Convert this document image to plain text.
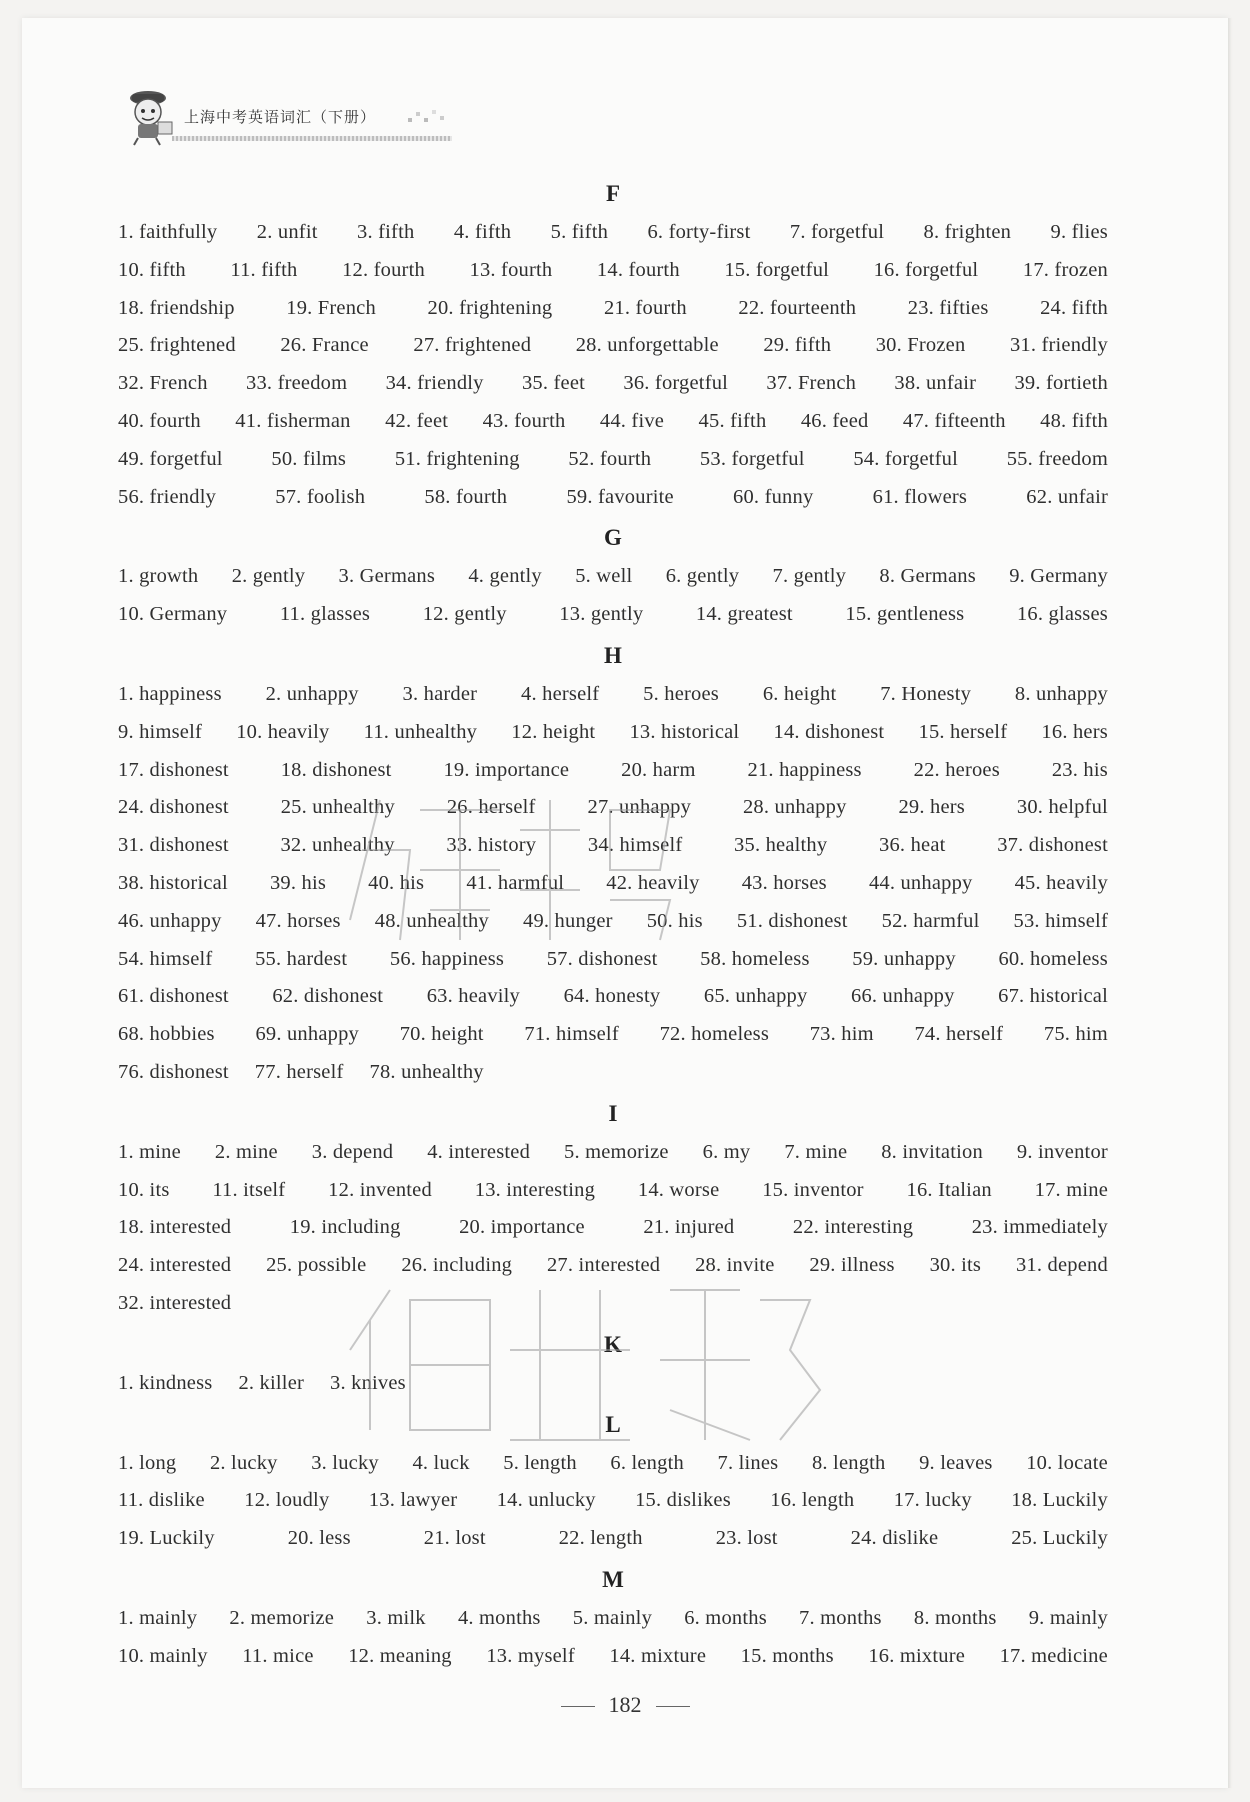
上海中考英语词汇（下册）
F
1. faithfully 2. unfit 3. fifth 4. fifth 5. fifth 6. forty-first 7. forgetful 8. frighten 9. flies
10. fifth 11. fifth 12. fourth 13. fourth 14. fourth 15. forgetful 16. forgetful 17. frozen
18. friendship	19. French	20. frightening	21. fourth	22. fourteenth	23. fifties	24. fifth
25. frightened 26. France 27. frightened 28. unforgettable 29. fifth 30. Frozen 31. friendly
32. French 33. freedom 34. friendly 35. feet 36. forgetful 37. French 38. unfair 39. fortieth
40. fourth 41. fisherman 42. feet 43. fourth 44. five 45. fifth 46. feed 47. fifteenth 48. fifth
49. forgetful 50. films 51. frightening 52. fourth 53. forgetful 54. forgetful 55. freedom
56. friendly	57. foolish	58. fourth	59. favourite	60. funny	61. flowers	62. unfair
G
1. growth 2. gently 3. Germans 4. gently 5. well 6. gently 7. gently 8. Germans 9. Germany
10. Germany	11. glasses	12. gently	13. gently	14. greatest	15. gentleness	16. glasses
H
1. happiness 2. unhappy 3. harder 4. herself 5. heroes 6. height 7. Honesty 8. unhappy
9. himself 10. heavily 11. unhealthy 12. height 13. historical 14. dishonest 15. herself 16. hers
17. dishonest	18. dishonest	19. importance	20. harm	21. happiness	22. heroes	23. his
24. dishonest	25. unhealthy	26. herself	27. unhappy	28. unhappy	29. hers	30. helpful
31. dishonest	32. unhealthy	33. history	34. himself	35. healthy	36. heat	37. dishonest
38. historical 39. his 40. his 41. harmful 42. heavily 43. horses 44. unhappy 45. heavily
46. unhappy 47. horses 48. unhealthy 49. hunger 50. his 51. dishonest 52. harmful 53. himself
54. himself 55. hardest 56. happiness 57. dishonest 58. homeless 59. unhappy 60. homeless
61. dishonest 62. dishonest 63. heavily 64. honesty 65. unhappy 66. unhappy 67. historical
68. hobbies 69. unhappy 70. height 71. himself 72. homeless 73. him 74. herself 75. him
76. dishonest 77. herself 78. unhealthy
I
1. mine 2. mine 3. depend 4. interested 5. memorize 6. my 7. mine 8. invitation 9. inventor
10. its 11. itself 12. invented 13. interesting 14. worse 15. inventor 16. Italian 17. mine
18. interested	19. including	20. importance	21. injured	22. interesting	23. immediately
24. interested 25. possible 26. including 27. interested 28. invite 29. illness 30. its 31. depend
32. interested
K
1. kindness 2. killer 3. knives
L
1. long 2. lucky 3. lucky 4. luck 5. length 6. length 7. lines 8. length 9. leaves 10. locate
11. dislike 12. loudly 13. lawyer 14. unlucky 15. dislikes 16. length 17. lucky 18. Luckily
19. Luckily	20. less	21. lost	22. length	23. lost	24. dislike	25. Luckily
M
1. mainly 2. memorize 3. milk 4. months 5. mainly 6. months 7. months 8. months 9. mainly
10. mainly 11. mice 12. meaning 13. myself 14. mixture 15. months 16. mixture 17. medicine
182
